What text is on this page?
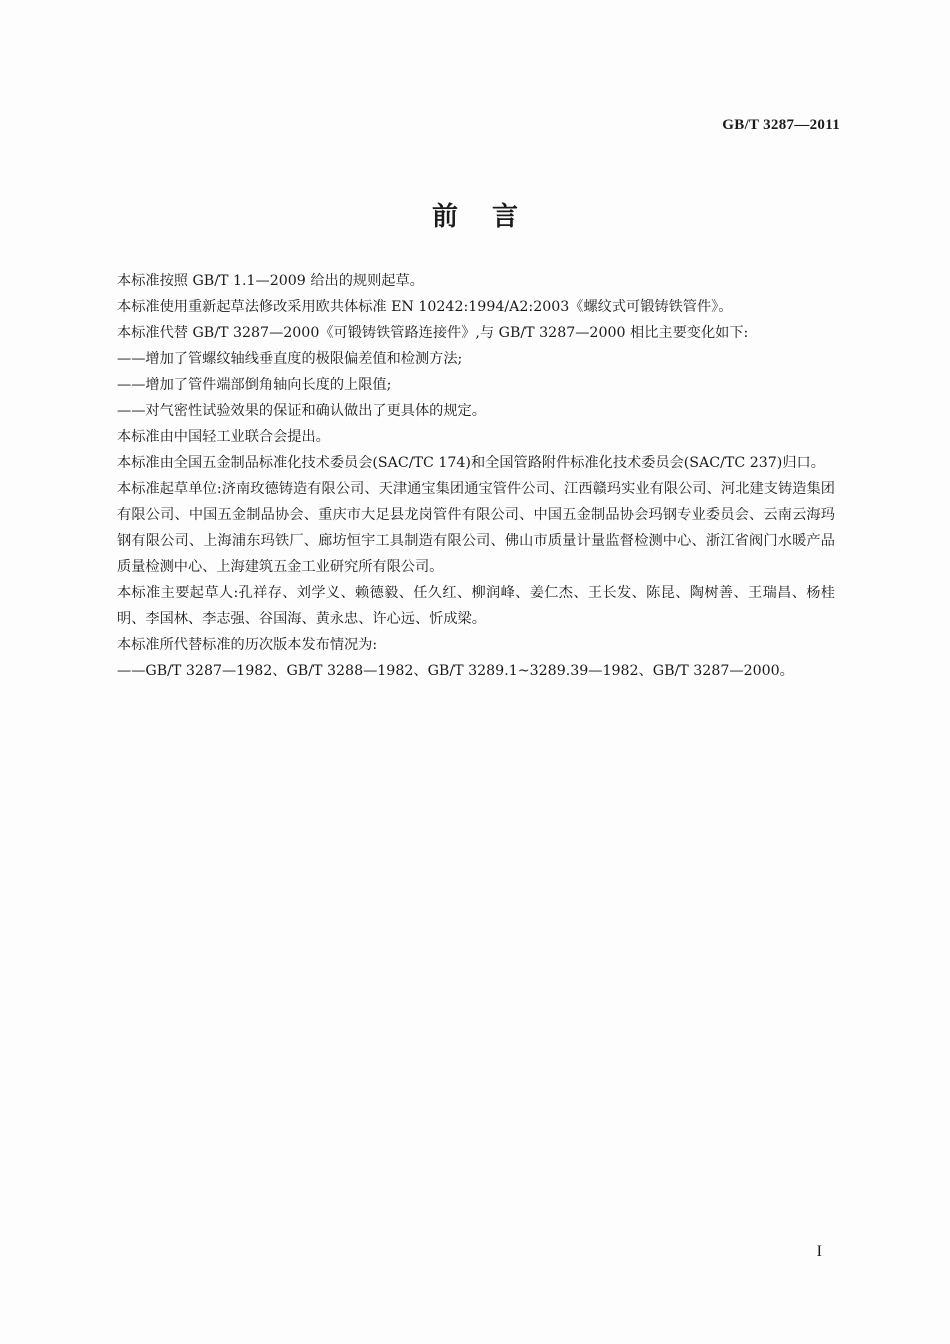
GB/T 3287—2011
前言

本标准按照 GB/T 1.1—2009 给出的规则起草。

本标准使用重新起草法修改采用欧共体标准 EN 10242:1994/A2:2003《螺纹式可锻铸铁管件》。

本标准代替 GB/T 3287—2000《可锻铸铁管路连接件》,与 GB/T 3287—2000 相比主要变化如下:

——增加了管螺纹轴线垂直度的极限偏差值和检测方法;

——增加了管件端部倒角轴向长度的上限值;

——对气密性试验效果的保证和确认做出了更具体的规定。

本标准由中国轻工业联合会提出。

本标准由全国五金制品标准化技术委员会(SAC/TC 174)和全国管路附件标准化技术委员会(SAC/TC 237)归口。

本标准起草单位:济南玫德铸造有限公司、天津通宝集团通宝管件公司、江西赣玛实业有限公司、河北建支铸造集团有限公司、中国五金制品协会、重庆市大足县龙岗管件有限公司、中国五金制品协会玛钢专业委员会、云南云海玛钢有限公司、上海浦东玛铁厂、廊坊恒宇工具制造有限公司、佛山市质量计量监督检测中心、浙江省阀门水暖产品质量检测中心、上海建筑五金工业研究所有限公司。

本标准主要起草人:孔祥存、刘学义、赖德毅、任久红、柳润峰、姜仁杰、王长发、陈昆、陶树善、王瑞昌、杨桂明、李国林、李志强、谷国海、黄永忠、许心远、忻成梁。

本标准所代替标准的历次版本发布情况为:

——GB/T 3287—1982、GB/T 3288—1982、GB/T 3289.1~3289.39—1982、GB/T 3287—2000。

I
